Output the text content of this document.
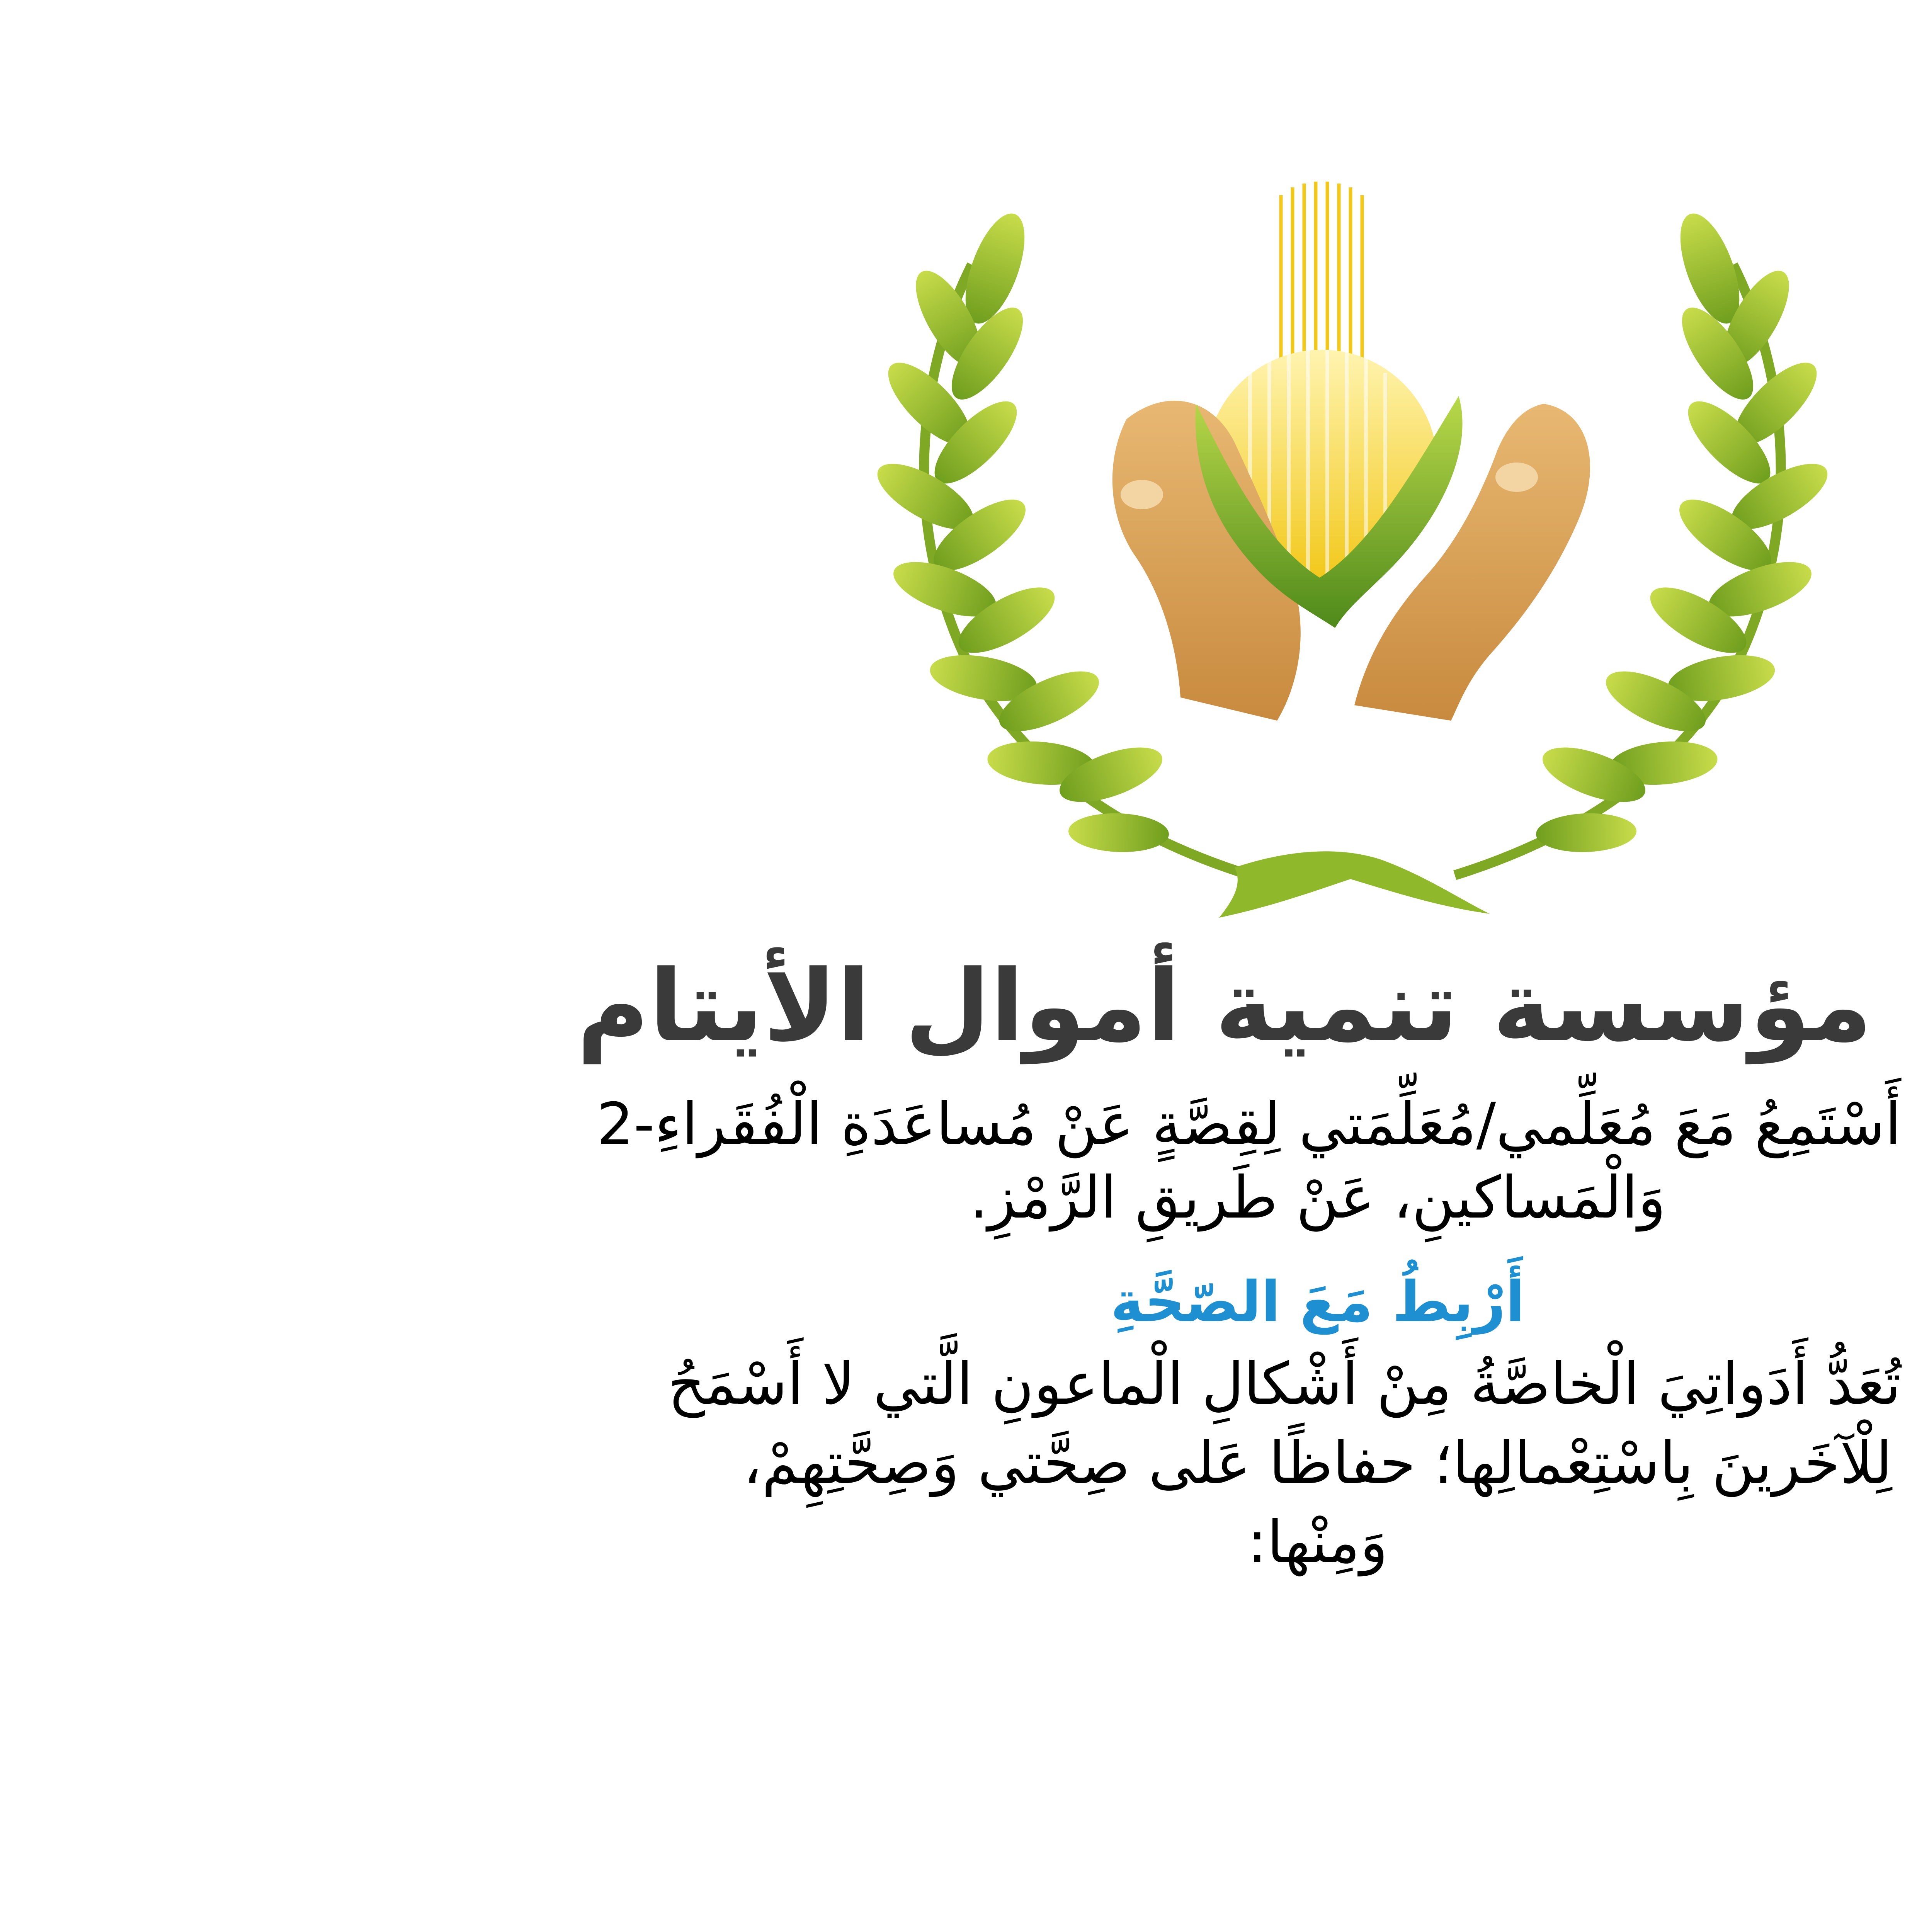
مؤسسة تنمية أموال الأيتام
أَسْتَمِعُ مَعَ مُعَلِّمي/مُعَلِّمَتي لِقِصَّةٍ عَنْ مُساعَدَةِ الْفُقَراءِ2-
وَالْمَساكينِ، عَنْ طَريقِ الرَّمْزِ.
أَرْبِطُ مَعَ الصّحَّةِ
تُعَدُّ أَدَواتِيَ الْخاصَّةُ مِنْ أَشْكالِ الْماعونِ الَّتي لا أَسْمَحُ
لِلْآخَرينَ بِاسْتِعْمالِها؛ حفاظًا عَلى صِحَّتي وَصِحَّتِهِمْ،
وَمِنْها:
